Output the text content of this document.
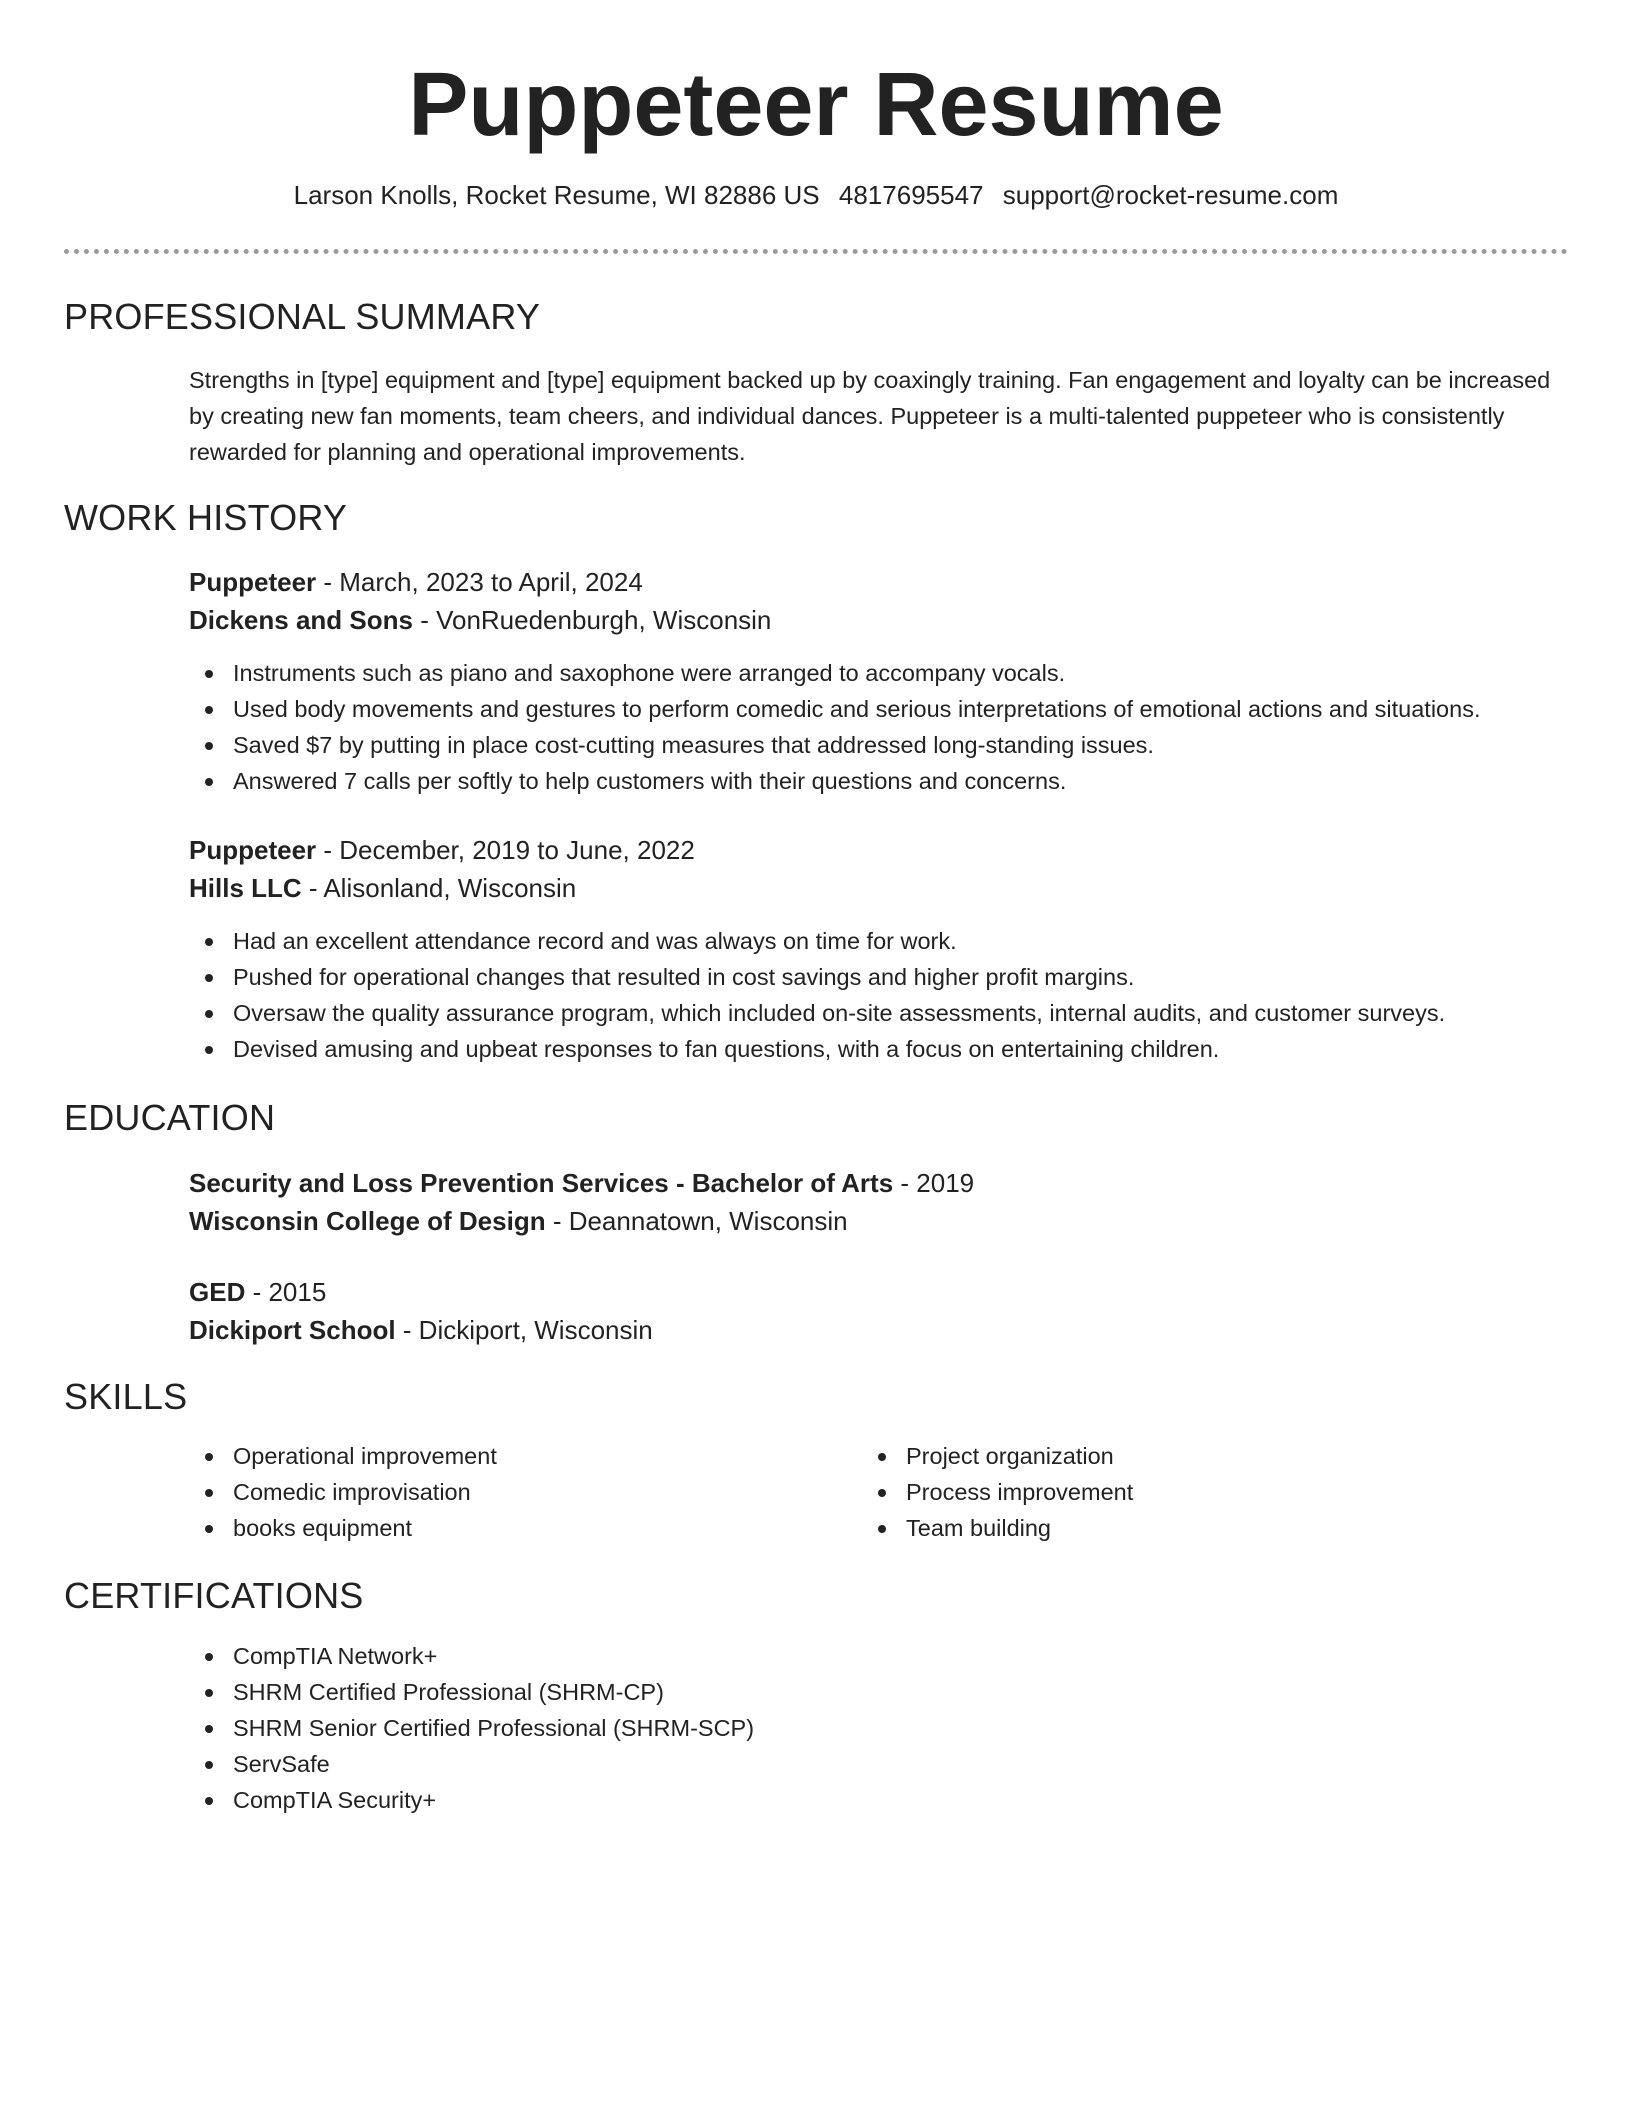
Puppeteer Resume
Larson Knolls, Rocket Resume, WI 82886 US 4817695547 support@rocket-resume.com
PROFESSIONAL SUMMARY

Strengths in [type] equipment and [type] equipment backed up by coaxingly training. Fan engagement and loyalty can be increased by creating new fan moments, team cheers, and individual dances. Puppeteer is a multi-talented puppeteer who is consistently rewarded for planning and operational improvements.

WORK HISTORY
Puppeteer - March, 2023 to April, 2024
Dickens and Sons - VonRuedenburgh, Wisconsin
Instruments such as piano and saxophone were arranged to accompany vocals.
Used body movements and gestures to perform comedic and serious interpretations of emotional actions and situations.
Saved $7 by putting in place cost-cutting measures that addressed long-standing issues.
Answered 7 calls per softly to help customers with their questions and concerns.
Puppeteer - December, 2019 to June, 2022
Hills LLC - Alisonland, Wisconsin
Had an excellent attendance record and was always on time for work.
Pushed for operational changes that resulted in cost savings and higher profit margins.
Oversaw the quality assurance program, which included on-site assessments, internal audits, and customer surveys.
Devised amusing and upbeat responses to fan questions, with a focus on entertaining children.
EDUCATION
Security and Loss Prevention Services - Bachelor of Arts - 2019
Wisconsin College of Design - Deannatown, Wisconsin
GED - 2015
Dickiport School - Dickiport, Wisconsin
SKILLS
Operational improvement
Comedic improvisation
books equipment
Project organization
Process improvement
Team building
CERTIFICATIONS
CompTIA Network+
SHRM Certified Professional (SHRM-CP)
SHRM Senior Certified Professional (SHRM-SCP)
ServSafe
CompTIA Security+
